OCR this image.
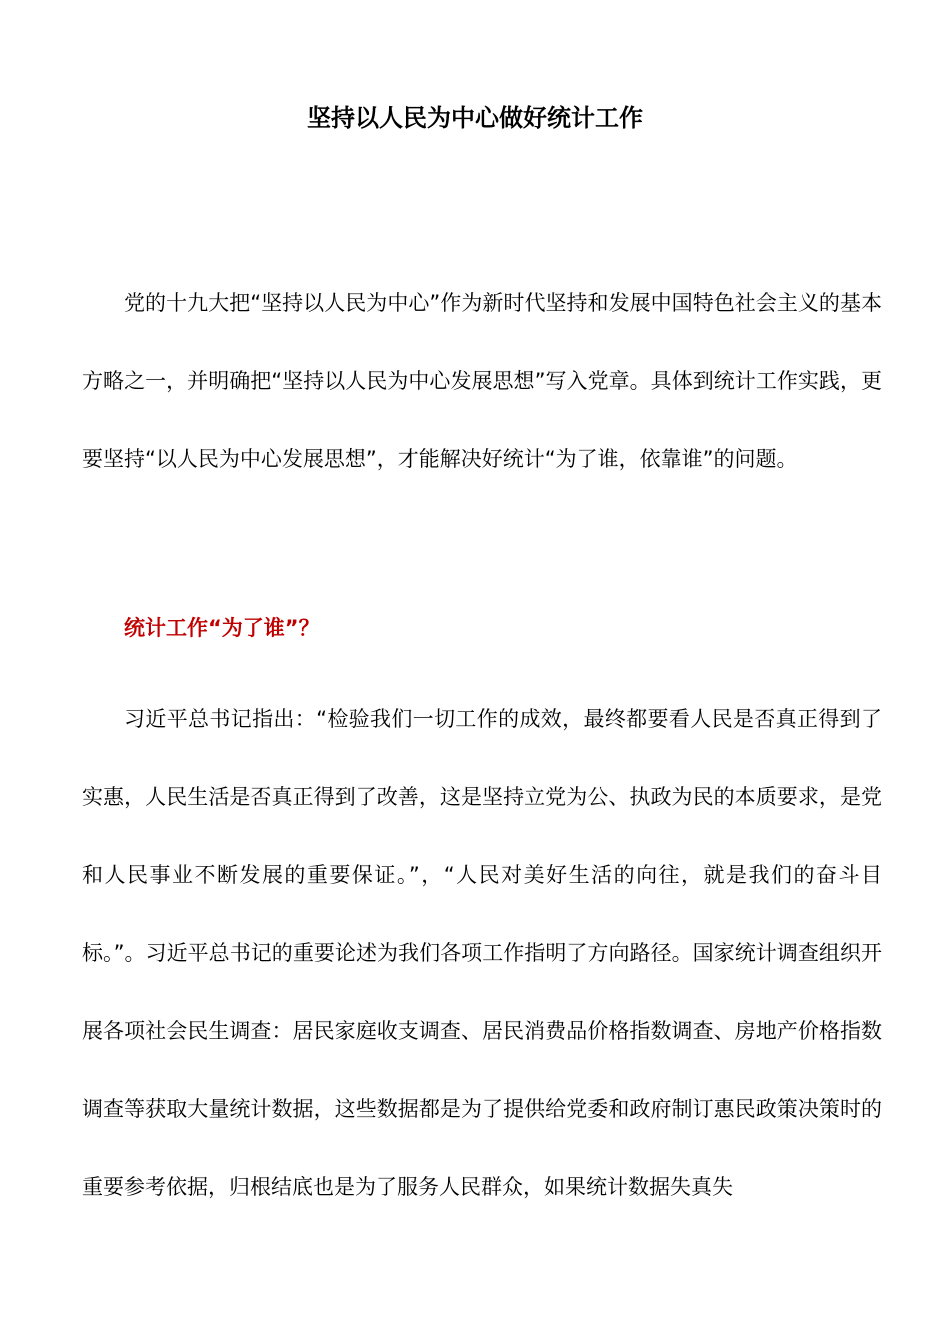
坚持以人民为中心做好统计工作
党的十九大把“坚持以人民为中心”作为新时代坚持和发展中国特色社会主义的基本方略之一，并明确把“坚持以人民为中心发展思想”写入党章。具体到统计工作实践，更要坚持“以人民为中心发展思想”，才能解决好统计“为了谁，依靠谁”的问题。
统计工作“为了谁”？
习近平总书记指出：“检验我们一切工作的成效，最终都要看人民是否真正得到了实惠，人民生活是否真正得到了改善，这是坚持立党为公、执政为民的本质要求，是党和人民事业不断发展的重要保证。”，“人民对美好生活的向往，就是我们的奋斗目标。”。习近平总书记的重要论述为我们各项工作指明了方向路径。国家统计调查组织开展各项社会民生调查：居民家庭收支调查、居民消费品价格指数调查、房地产价格指数调查等获取大量统计数据，这些数据都是为了提供给党委和政府制订惠民政策决策时的重要参考依据，归根结底也是为了服务人民群众，如果统计数据失真失
